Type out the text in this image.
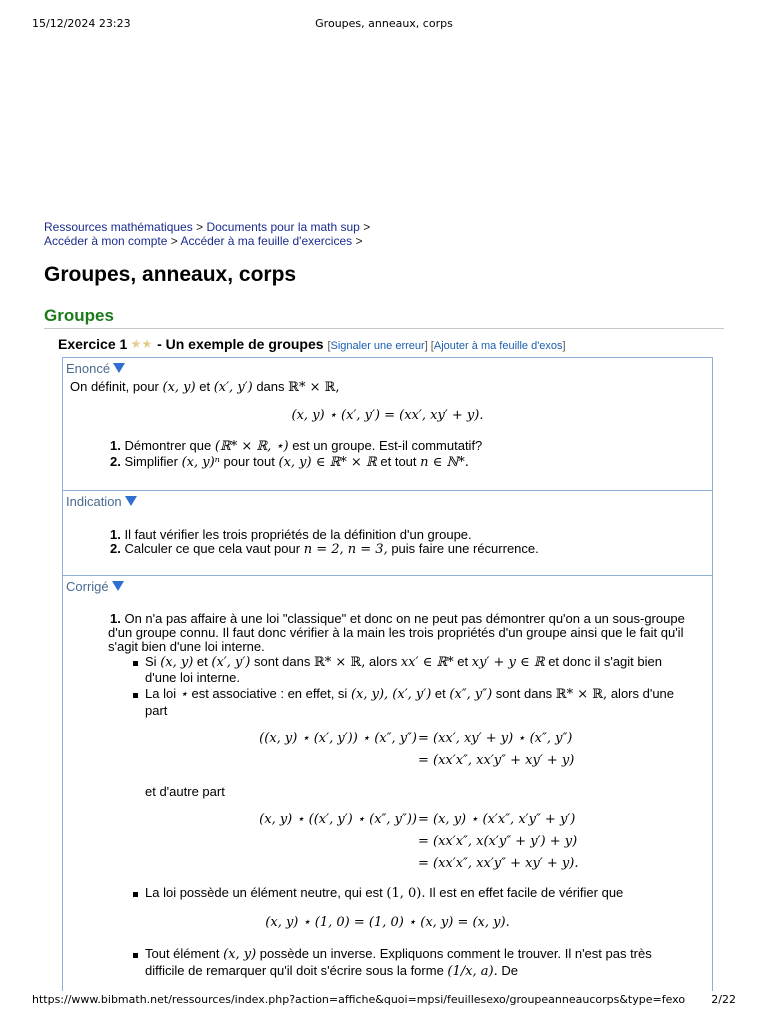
15/12/2024 23:23	Groupes, anneaux, corps
Ressources mathématiques > Documents pour la math sup >
Accéder à mon compte > Accéder à ma feuille d'exercices >
Groupes, anneaux, corps
Groupes
Exercice 1 - Un exemple de groupes [Signaler une erreur] [Ajouter à ma feuille d'exos]
Enoncé
On définit, pour (x, y) et (x′, y′) dans ℝ* × ℝ,
(x, y) ⋆ (x′, y′) = (xx′, xy′ + y).
1. Démontrer que (ℝ* × ℝ, ⋆) est un groupe. Est-il commutatif?
2. Simplifier (x, y)ⁿ pour tout (x, y) ∈ ℝ* × ℝ et tout n ∈ ℕ*.
Indication
1. Il faut vérifier les trois propriétés de la définition d'un groupe.
2. Calculer ce que cela vaut pour n = 2, n = 3, puis faire une récurrence.
Corrigé
1. On n'a pas affaire à une loi "classique" et donc on ne peut pas démontrer qu'on a un sous-groupe
d'un groupe connu. Il faut donc vérifier à la main les trois propriétés d'un groupe ainsi que le fait qu'il
s'agit bien d'une loi interne.
Si (x, y) et (x′, y′) sont dans ℝ* × ℝ, alors xx′ ∈ ℝ* et xy′ + y ∈ ℝ et donc il s'agit bien
d'une loi interne.
La loi ⋆ est associative : en effet, si (x, y), (x′, y′) et (x″, y″) sont dans ℝ* × ℝ, alors d'une
part
((x, y) ⋆ (x′, y′)) ⋆ (x″, y″) = (xx′, xy′ + y) ⋆ (x″, y″)
= (xx′x″, xx′y″ + xy′ + y)
et d'autre part
(x, y) ⋆ ((x′, y′) ⋆ (x″, y″)) = (x, y) ⋆ (x′x″, x′y″ + y′)
= (xx′x″, x(x′y″ + y′) + y)
= (xx′x″, xx′y″ + xy′ + y).
La loi possède un élément neutre, qui est (1, 0). Il est en effet facile de vérifier que
(x, y) ⋆ (1, 0) = (1, 0) ⋆ (x, y) = (x, y).
Tout élément (x, y) possède un inverse. Expliquons comment le trouver. Il n'est pas très
difficile de remarquer qu'il doit s'écrire sous la forme (1/x, a). De
https://www.bibmath.net/ressources/index.php?action=affiche&quoi=mpsi/feuillesexo/groupeanneaucorps&type=fexo 2/22
